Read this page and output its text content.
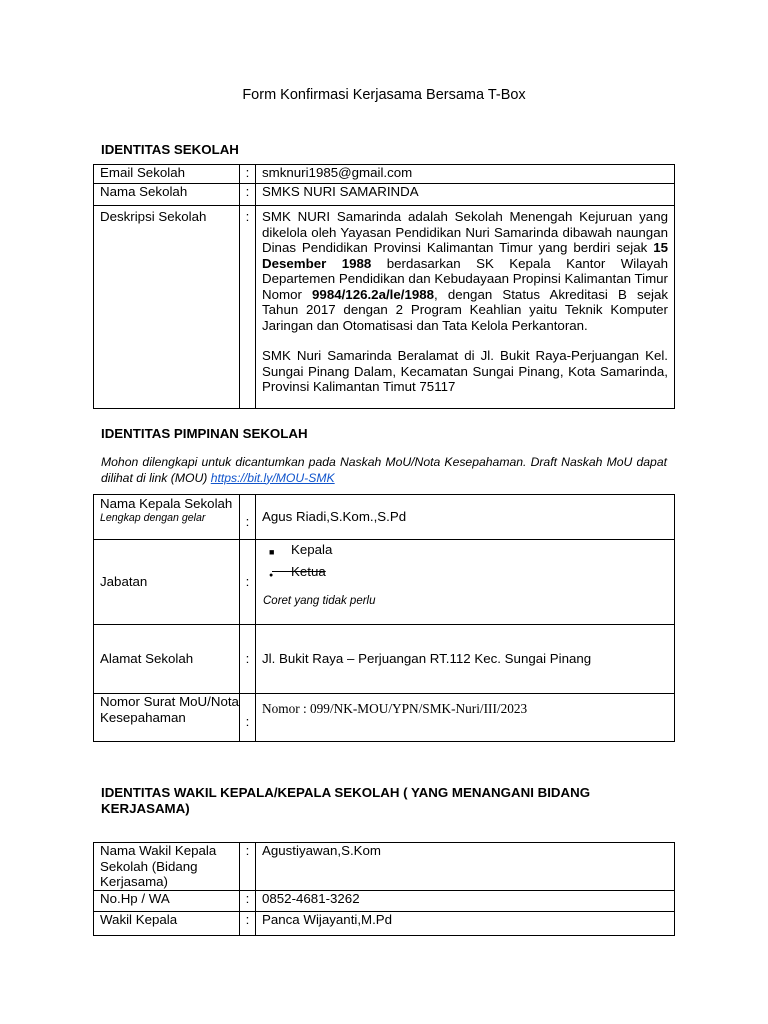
Form Konfirmasi Kerjasama Bersama T-Box
IDENTITAS SEKOLAH
Email Sekolah	:	smknuri1985@gmail.com
Nama Sekolah	:	SMKS NURI SAMARINDA
Deskripsi Sekolah	:	SMK NURI Samarinda adalah Sekolah Menengah Kejuruan yang dikelola oleh Yayasan Pendidikan Nuri Samarinda dibawah naungan Dinas Pendidikan Provinsi Kalimantan Timur yang berdiri sejak 15 Desember 1988 berdasarkan SK Kepala Kantor Wilayah Departemen Pendidikan dan Kebudayaan Propinsi Kalimantan Timur Nomor 9984/126.2a/le/1988, dengan Status Akreditasi B sejak Tahun 2017 dengan 2 Program Keahlian yaitu Teknik Komputer Jaringan dan Otomatisasi dan Tata Kelola Perkantoran.
SMK Nuri Samarinda Beralamat di Jl. Bukit Raya-Perjuangan Kel. Sungai Pinang Dalam, Kecamatan Sungai Pinang, Kota Samarinda, Provinsi Kalimantan Timut 75117
IDENTITAS PIMPINAN SEKOLAH
Mohon dilengkapi untuk dicantumkan pada Naskah MoU/Nota Kesepahaman. Draft Naskah MoU dapat dilihat di link (MOU) https://bit.ly/MOU-SMK
Nama Kepala Sekolah
Lengkap dengan gelar	:	Agus Riadi,S.Kom.,S.Pd
Jabatan	:	■ Kepala
● Ketua
Coret yang tidak perlu

Alamat Sekolah	:	Jl. Bukit Raya – Perjuangan RT.112 Kec. Sungai Pinang
Nomor Surat MoU/Nota Kesepahaman	:	Nomor : 099/NK-MOU/YPN/SMK-Nuri/III/2023
IDENTITAS WAKIL KEPALA/KEPALA SEKOLAH ( YANG MENANGANI BIDANG KERJASAMA)
Nama Wakil Kepala Sekolah (Bidang Kerjasama)	:	Agustiyawan,S.Kom
No.Hp / WA	:	0852-4681-3262
Wakil Kepala	:	Panca Wijayanti,M.Pd
